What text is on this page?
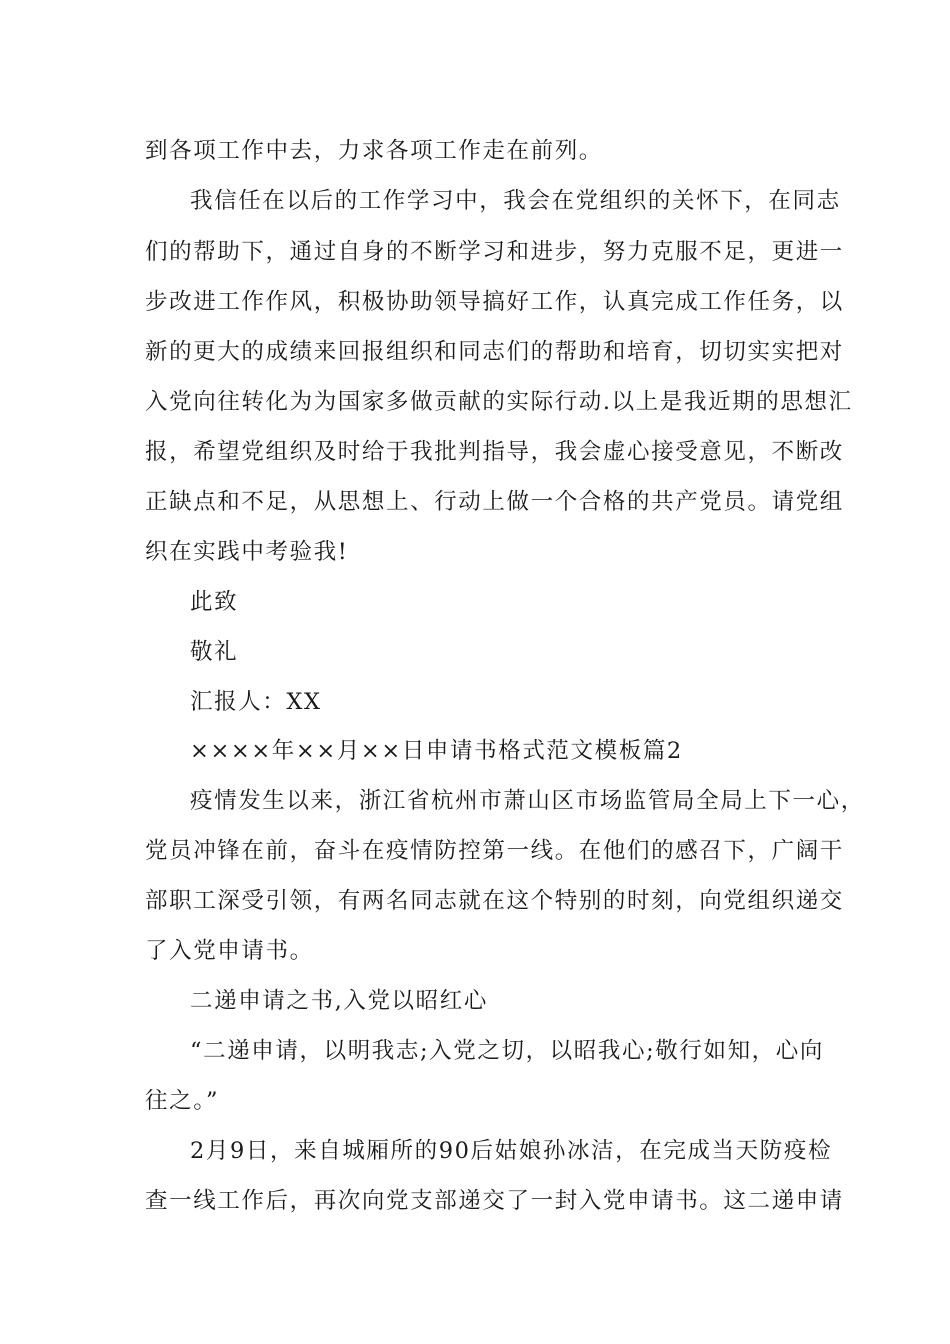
到各项工作中去，力求各项工作走在前列。
我信任在以后的工作学习中，我会在党组织的关怀下，在同志
们的帮助下，通过自身的不断学习和进步，努力克服不足，更进一
步改进工作作风，积极协助领导搞好工作，认真完成工作任务，以
新的更大的成绩来回报组织和同志们的帮助和培育，切切实实把对
入党向往转化为为国家多做贡献的实际行动.以上是我近期的思想汇
报，希望党组织及时给于我批判指导，我会虚心接受意见，不断改
正缺点和不足，从思想上、行动上做一个合格的共产党员。请党组
织在实践中考验我!
此致
敬礼
汇报人：XX
××××年××月××日申请书格式范文模板篇2
疫情发生以来，浙江省杭州市萧山区市场监管局全局上下一心，
党员冲锋在前，奋斗在疫情防控第一线。在他们的感召下，广阔干
部职工深受引领，有两名同志就在这个特别的时刻，向党组织递交
了入党申请书。
二递申请之书,入党以昭红心
“二递申请，以明我志;入党之切，以昭我心;敬行如知，心向
往之。”
2月9日，来自城厢所的90后姑娘孙冰洁，在完成当天防疫检
查一线工作后，再次向党支部递交了一封入党申请书。这二递申请
